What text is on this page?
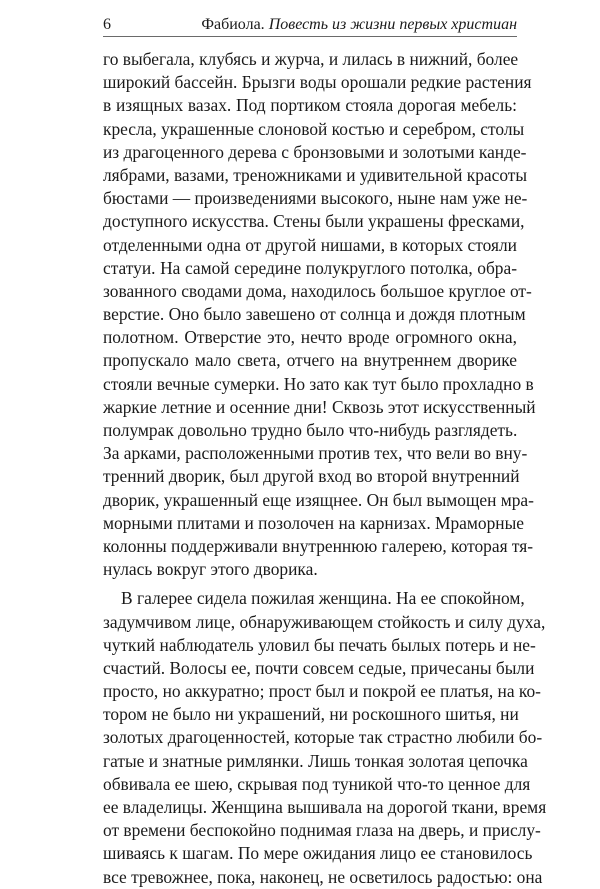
6	Фабиола. Повесть из жизни первых христиан
го выбегала, клубясь и журча, и лилась в нижний, более
широкий бассейн. Брызги воды орошали редкие растения
в изящных вазах. Под портиком стояла дорогая мебель:
кресла, украшенные слоновой костью и серебром, столы
из драгоценного дерева с бронзовыми и золотыми канде-
лябрами, вазами, треножниками и удивительной красоты
бюстами — произведениями высокого, ныне нам уже не-
доступного искусства. Стены были украшены фресками,
отделенными одна от другой нишами, в которых стояли
статуи. На самой середине полукруглого потолка, обра-
зованного сводами дома, находилось большое круглое от-
верстие. Оно было завешено от солнца и дождя плотным
полотном. Отверстие это, нечто вроде огромного окна,
пропускало мало света, отчего на внутреннем дворике
стояли вечные сумерки. Но зато как тут было прохладно в
жаркие летние и осенние дни! Сквозь этот искусственный
полумрак довольно трудно было что-нибудь разглядеть.
За арками, расположенными против тех, что вели во вну-
тренний дворик, был другой вход во второй внутренний
дворик, украшенный еще изящнее. Он был вымощен мра-
морными плитами и позолочен на карнизах. Мраморные
колонны поддерживали внутреннюю галерею, которая тя-
нулась вокруг этого дворика.
В галерее сидела пожилая женщина. На ее спокойном,
задумчивом лице, обнаруживающем стойкость и силу духа,
чуткий наблюдатель уловил бы печать былых потерь и не-
счастий. Волосы ее, почти совсем седые, причесаны были
просто, но аккуратно; прост был и покрой ее платья, на ко-
тором не было ни украшений, ни роскошного шитья, ни
золотых драгоценностей, которые так страстно любили бо-
гатые и знатные римлянки. Лишь тонкая золотая цепочка
обвивала ее шею, скрывая под туникой что-то ценное для
ее владелицы. Женщина вышивала на дорогой ткани, время
от времени беспокойно поднимая глаза на дверь, и прислу-
шиваясь к шагам. По мере ожидания лицо ее становилось
все тревожнее, пока, наконец, не осветилось радостью: она
